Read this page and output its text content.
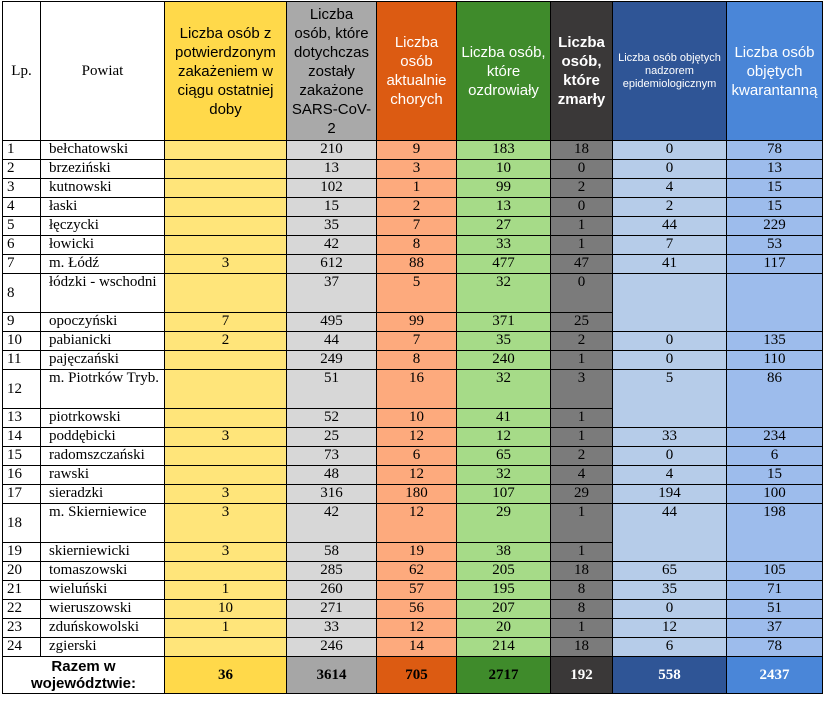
Lp.	Powiat	Liczba osób z potwierdzonym zakażeniem w ciągu ostatniej doby	Liczba osób, które dotychczas zostały zakażone SARS-CoV-2	Liczba osób aktualnie chorych	Liczba osób, które ozdrowiały	Liczba osób, które zmarły	Liczba osób objętych nadzorem epidemiologicznym	Liczba osób objętych kwarantanną
1	bełchatowski		210	9	183	18	0	78
2	brzeziński		13	3	10	0	0	13
3	kutnowski		102	1	99	2	4	15
4	łaski		15	2	13	0	2	15
5	łęczycki		35	7	27	1	44	229
6	łowicki		42	8	33	1	7	53
7	m. Łódź	3	612	88	477	47	41	117
8	łódzki - wschodni		37	5	32	0		
9	opoczyński	7	495	99	371	25		
10	pabianicki	2	44	7	35	2	0	135
11	pajęczański		249	8	240	1	0	110
12	m. Piotrków Tryb.		51	16	32	3	5	86
13	piotrkowski		52	10	41	1		
14	poddębicki	3	25	12	12	1	33	234
15	radomszczański		73	6	65	2	0	6
16	rawski		48	12	32	4	4	15
17	sieradzki	3	316	180	107	29	194	100
18	m. Skierniewice	3	42	12	29	1	44	198
19	skierniewicki	3	58	19	38	1		
20	tomaszowski		285	62	205	18	65	105
21	wieluński	1	260	57	195	8	35	71
22	wieruszowski	10	271	56	207	8	0	51
23	zduńskowolski	1	33	12	20	1	12	37
24	zgierski		246	14	214	18	6	78
Razem w województwie:		36	3614	705	2717	192	558	2437
